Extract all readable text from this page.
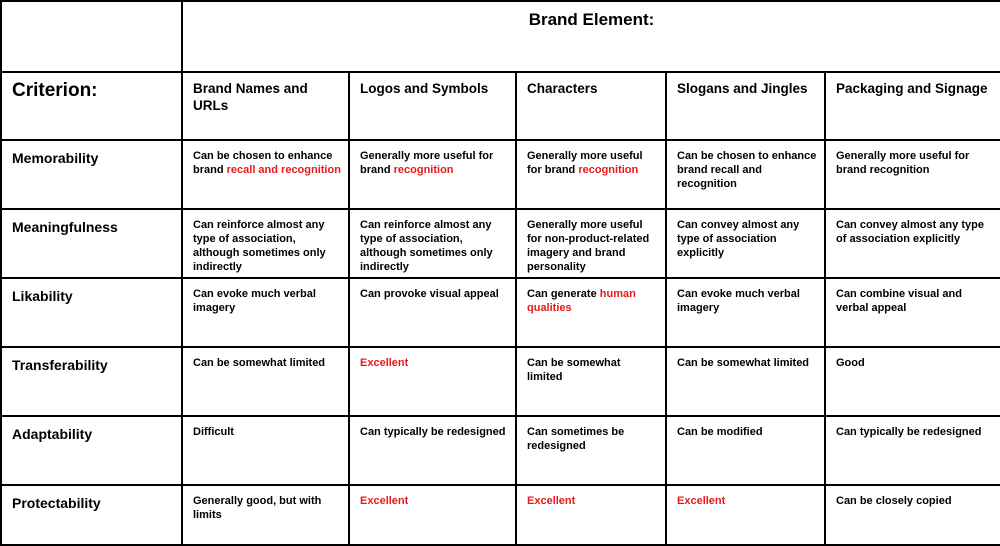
	Brand Element:				
Criterion:	Brand Names and URLs	Logos and Symbols	Characters	Slogans and Jingles	Packaging and Signage
Memorability	Can be chosen to enhance brand recall and recognition	Generally more useful for brand recognition	Generally more useful for brand recognition	Can be chosen to enhance brand recall and recognition	Generally more useful for brand recognition
Meaningfulness	Can reinforce almost any type of association, although sometimes only indirectly	Can reinforce almost any type of association, although sometimes only indirectly	Generally more useful for non-product-related imagery and brand personality	Can convey almost any type of association explicitly	Can convey almost any type of association explicitly
Likability	Can evoke much verbal imagery	Can provoke visual appeal	Can generate human qualities	Can evoke much verbal imagery	Can combine visual and verbal appeal
Transferability	Can be somewhat limited	Excellent	Can be somewhat limited	Can be somewhat limited	Good
Adaptability	Difficult	Can typically be redesigned	Can sometimes be redesigned	Can be modified	Can typically be redesigned
Protectability	Generally good, but with limits	Excellent	Excellent	Excellent	Can be closely copied
